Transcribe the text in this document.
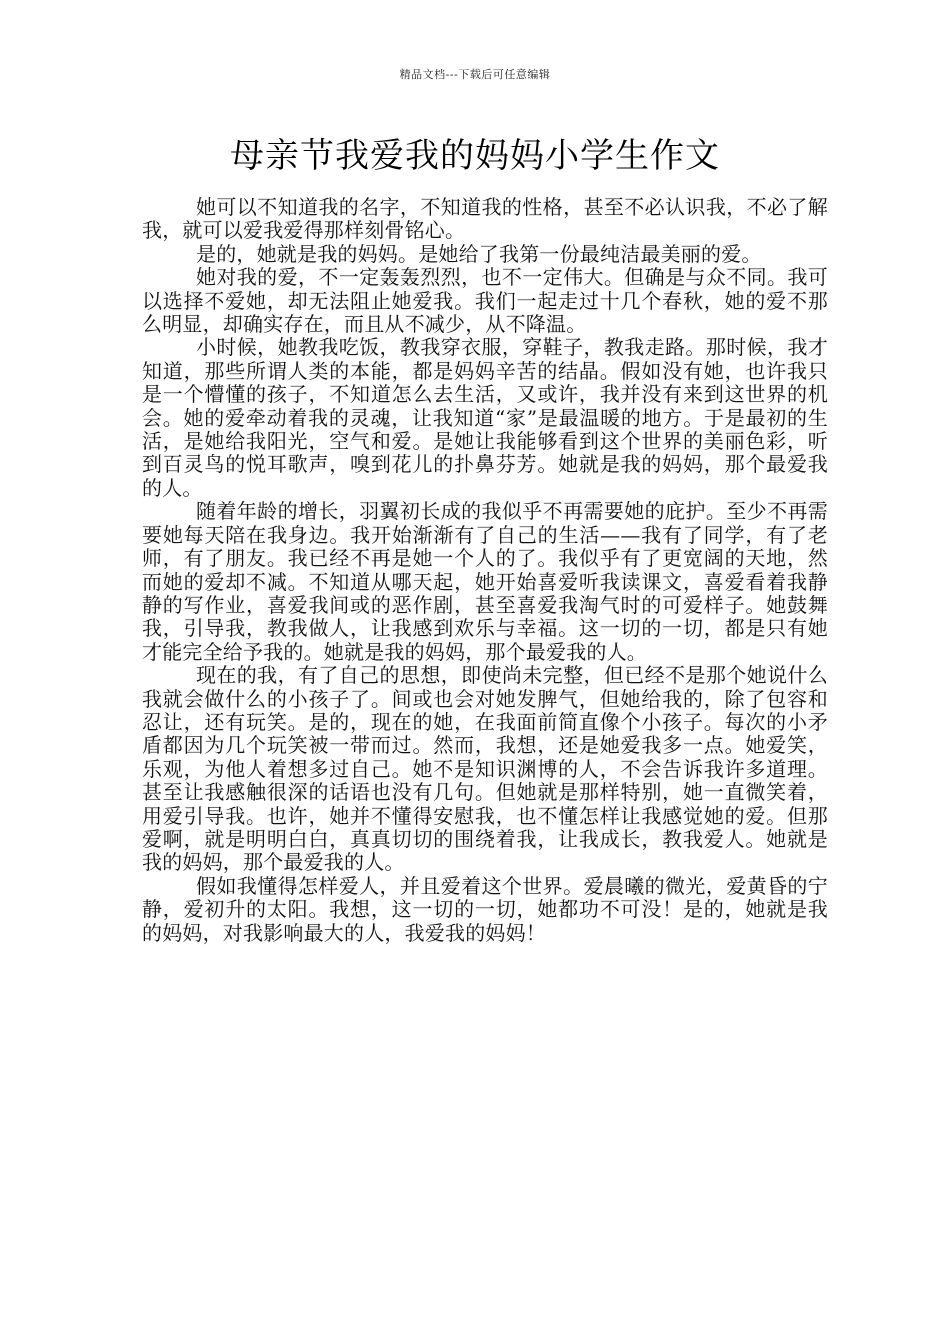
精品文档---下载后可任意编辑
母亲节我爱我的妈妈小学生作文

她可以不知道我的名字，不知道我的性格，甚至不必认识我，不必了解我，就可以爱我爱得那样刻骨铭心。

是的，她就是我的妈妈。是她给了我第一份最纯洁最美丽的爱。

她对我的爱，不一定轰轰烈烈，也不一定伟大。但确是与众不同。我可以选择不爱她，却无法阻止她爱我。我们一起走过十几个春秋，她的爱不那么明显，却确实存在，而且从不减少，从不降温。

小时候，她教我吃饭，教我穿衣服，穿鞋子，教我走路。那时候，我才知道，那些所谓人类的本能，都是妈妈辛苦的结晶。假如没有她，也许我只是一个懵懂的孩子，不知道怎么去生活，又或许，我并没有来到这世界的机会。她的爱牵动着我的灵魂，让我知道“家”是最温暖的地方。于是最初的生活，是她给我阳光，空气和爱。是她让我能够看到这个世界的美丽色彩，听到百灵鸟的悦耳歌声，嗅到花儿的扑鼻芬芳。她就是我的妈妈，那个最爱我的人。

随着年龄的增长，羽翼初长成的我似乎不再需要她的庇护。至少不再需要她每天陪在我身边。我开始渐渐有了自己的生活——我有了同学，有了老师，有了朋友。我已经不再是她一个人的了。我似乎有了更宽阔的天地，然而她的爱却不减。不知道从哪天起，她开始喜爱听我读课文，喜爱看着我静静的写作业，喜爱我间或的恶作剧，甚至喜爱我淘气时的可爱样子。她鼓舞我，引导我，教我做人，让我感到欢乐与幸福。这一切的一切，都是只有她才能完全给予我的。她就是我的妈妈，那个最爱我的人。

现在的我，有了自己的思想，即使尚未完整，但已经不是那个她说什么我就会做什么的小孩子了。间或也会对她发脾气，但她给我的，除了包容和忍让，还有玩笑。是的，现在的她，在我面前简直像个小孩子。每次的小矛盾都因为几个玩笑被一带而过。然而，我想，还是她爱我多一点。她爱笑，乐观，为他人着想多过自己。她不是知识渊博的人，不会告诉我许多道理。甚至让我感触很深的话语也没有几句。但她就是那样特别，她一直微笑着，用爱引导我。也许，她并不懂得安慰我，也不懂怎样让我感觉她的爱。但那爱啊，就是明明白白，真真切切的围绕着我，让我成长，教我爱人。她就是我的妈妈，那个最爱我的人。

假如我懂得怎样爱人，并且爱着这个世界。爱晨曦的微光，爱黄昏的宁静，爱初升的太阳。我想，这一切的一切，她都功不可没！是的，她就是我的妈妈，对我影响最大的人，我爱我的妈妈！
